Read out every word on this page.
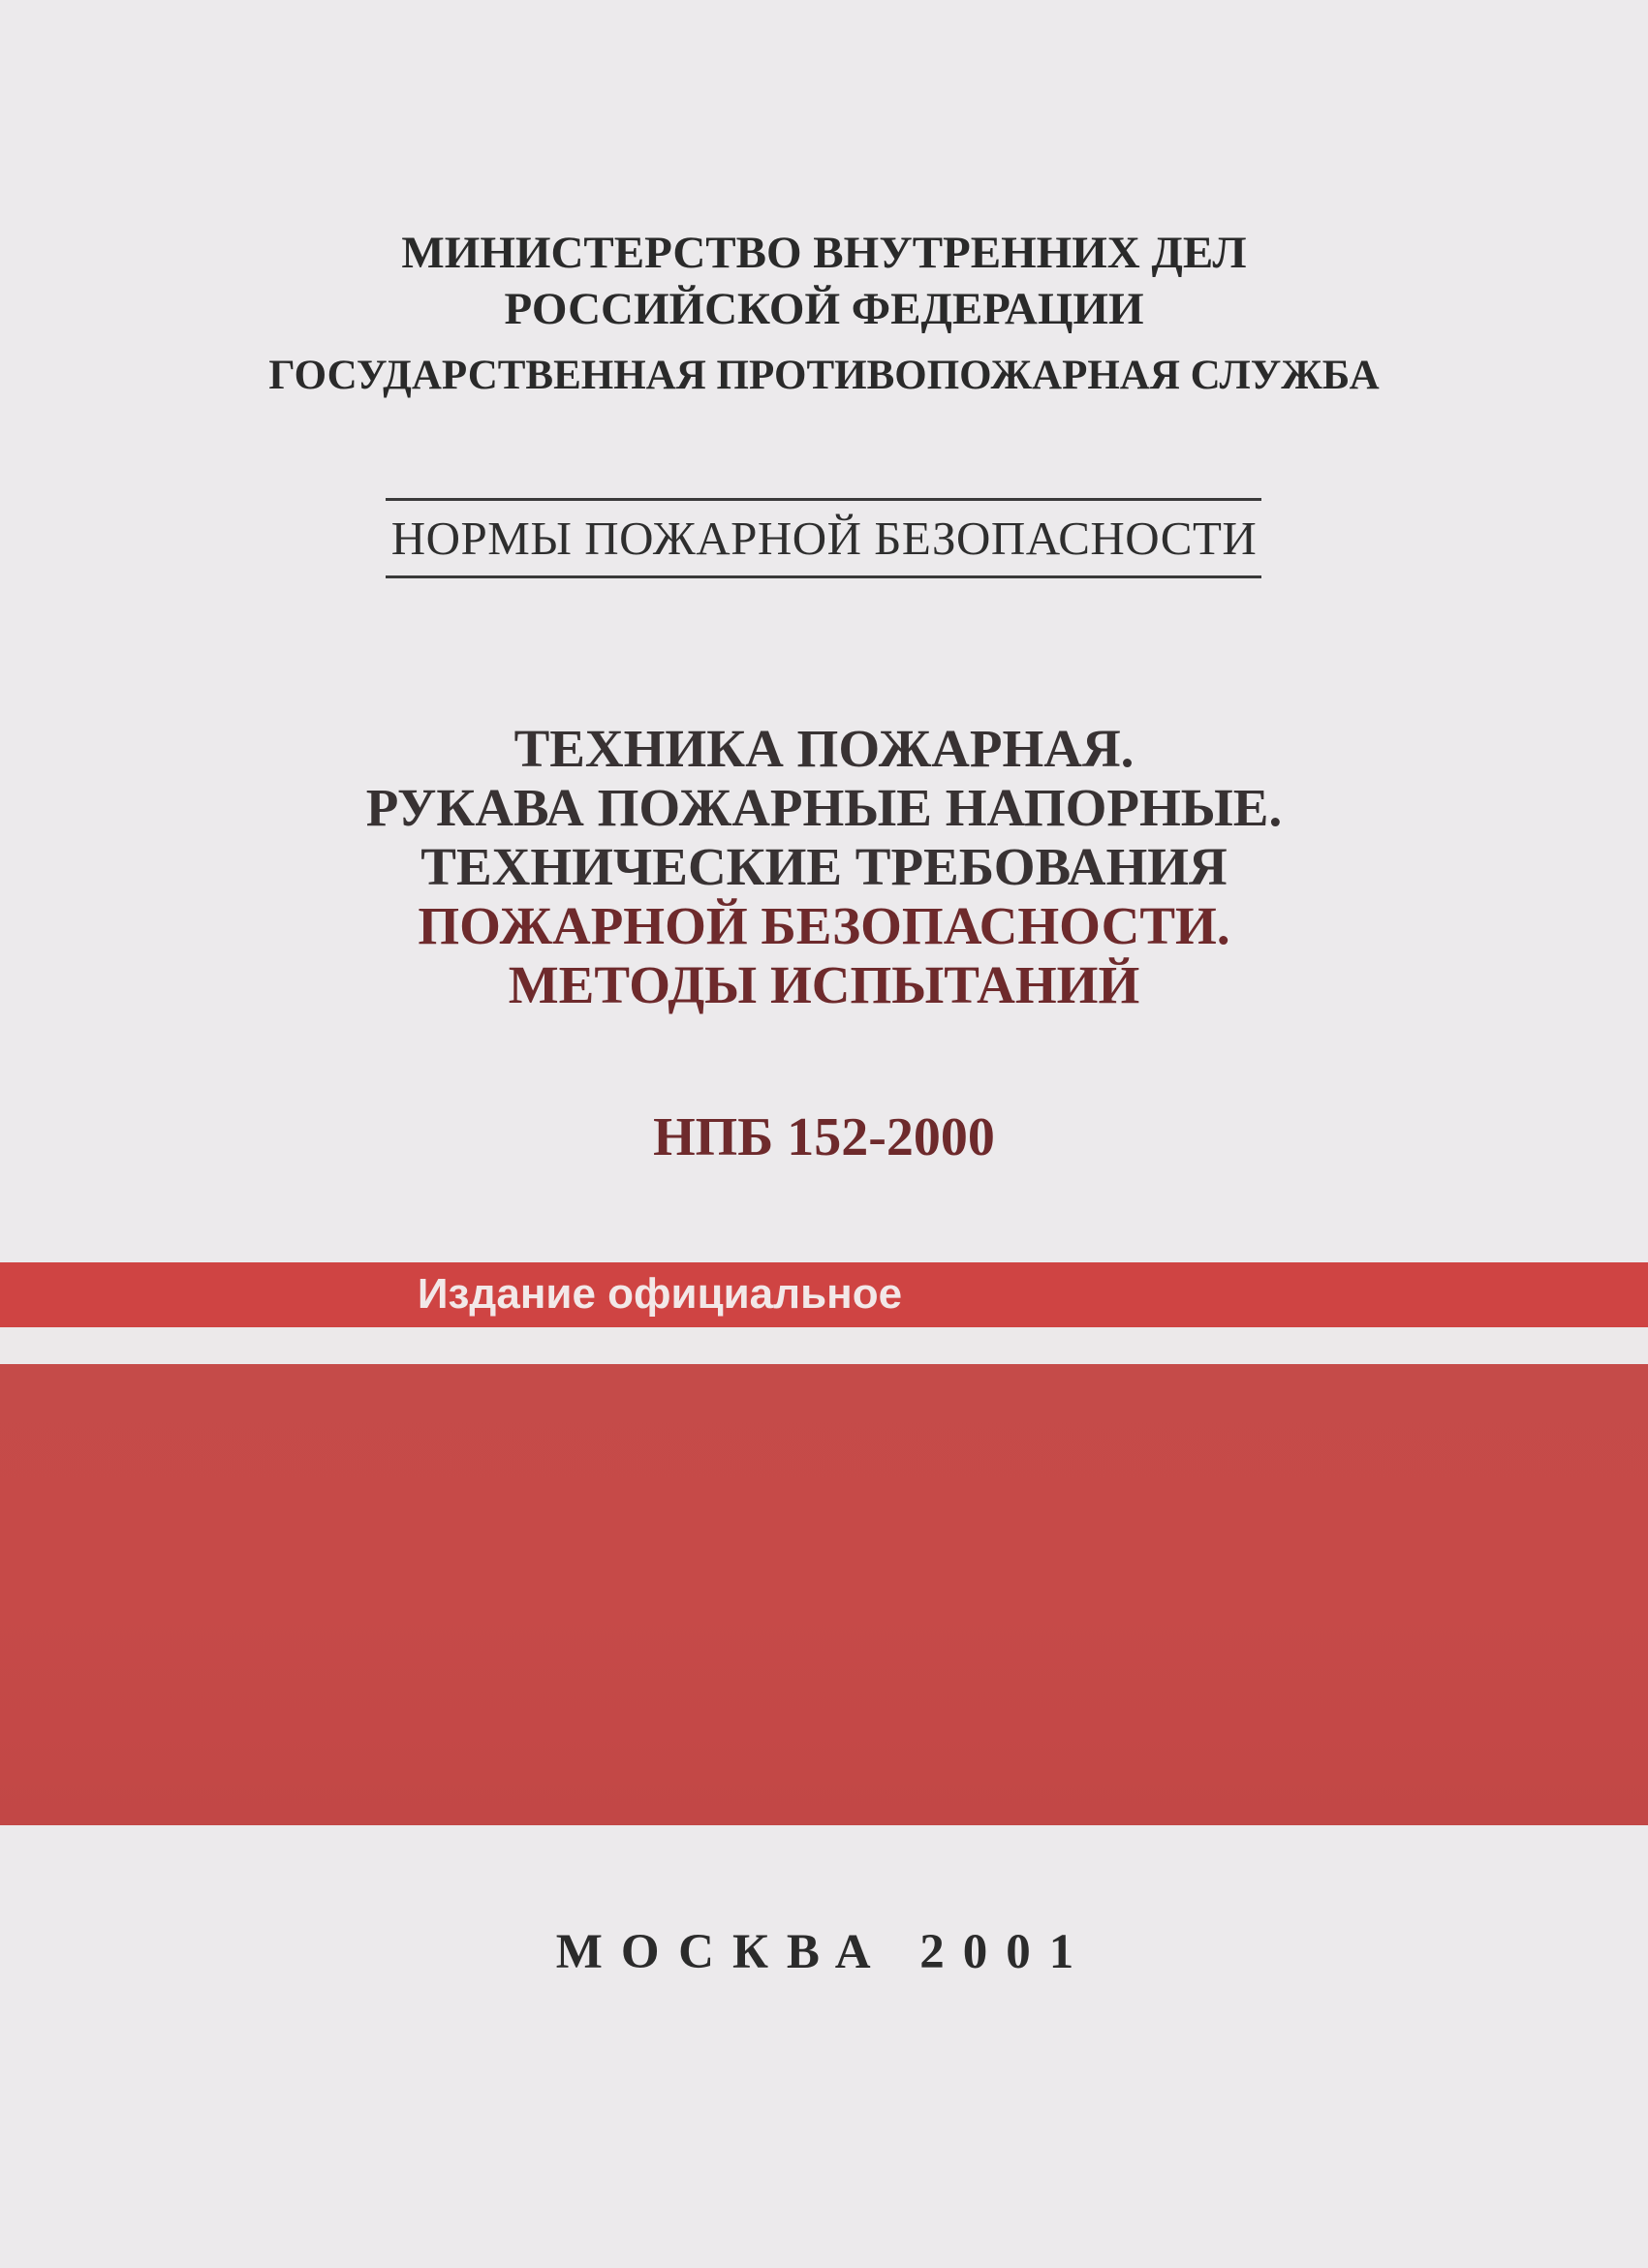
МИНИСТЕРСТВО ВНУТРЕННИХ ДЕЛ
РОССИЙСКОЙ ФЕДЕРАЦИИ
ГОСУДАРСТВЕННАЯ ПРОТИВОПОЖАРНАЯ СЛУЖБА
НОРМЫ ПОЖАРНОЙ БЕЗОПАСНОСТИ
ТЕХНИКА ПОЖАРНАЯ.
РУКАВА ПОЖАРНЫЕ НАПОРНЫЕ.
ТЕХНИЧЕСКИЕ ТРЕБОВАНИЯ
ПОЖАРНОЙ БЕЗОПАСНОСТИ.
МЕТОДЫ ИСПЫТАНИЙ
НПБ 152-2000
Издание официальное
МОСКВА 2001
